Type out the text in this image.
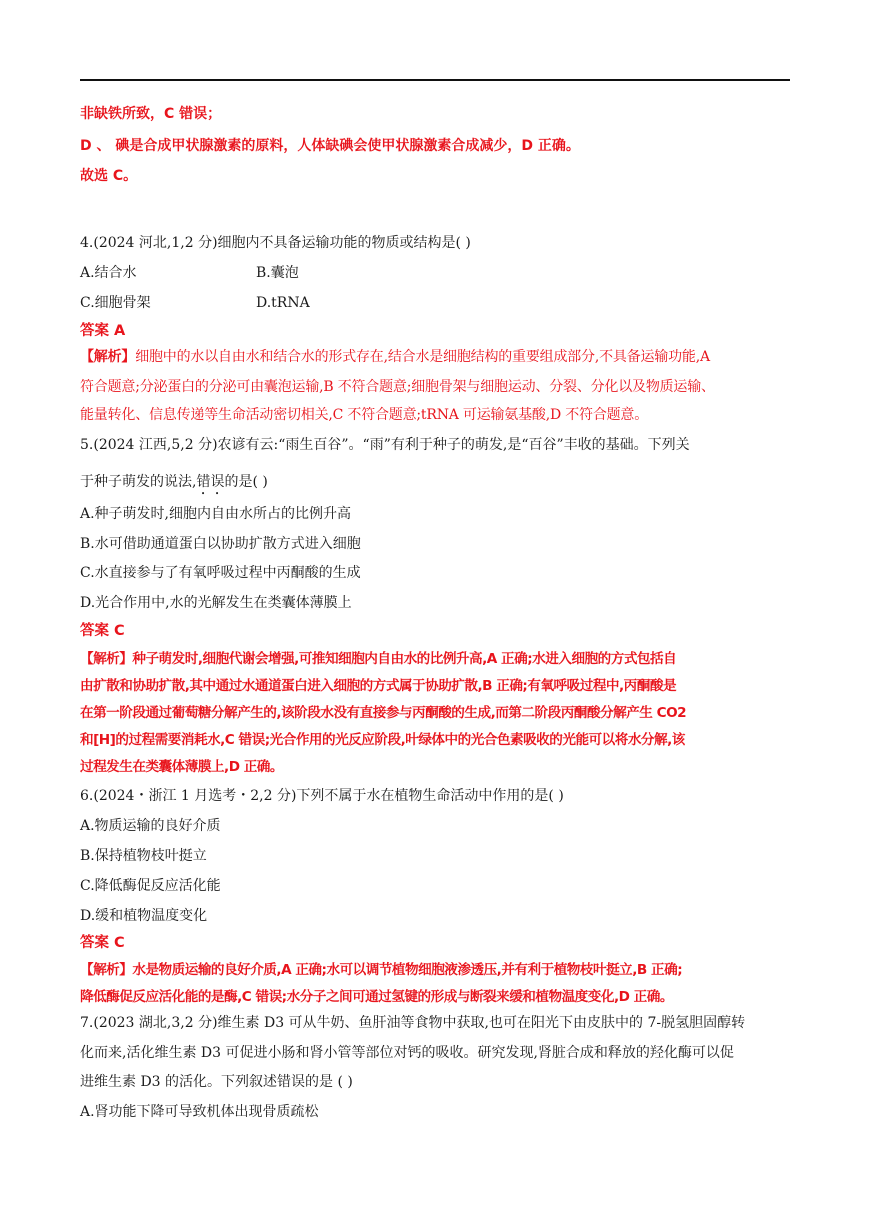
非缺铁所致，C 错误；
D 、 碘是合成甲状腺激素的原料，人体缺碘会使甲状腺激素合成减少，D 正确。
故选 C。
4.(2024 河北,1,2 分)细胞内不具备运输功能的物质或结构是( )
A.结合水	B.囊泡
C.细胞骨架	D.tRNA
答案 A
【解析】细胞中的水以自由水和结合水的形式存在,结合水是细胞结构的重要组成部分,不具备运输功能,A
符合题意;分泌蛋白的分泌可由囊泡运输,B 不符合题意;细胞骨架与细胞运动、分裂、分化以及物质运输、
能量转化、信息传递等生命活动密切相关,C 不符合题意;tRNA 可运输氨基酸,D 不符合题意。
5.(2024 江西,5,2 分)农谚有云:“雨生百谷”。“雨”有利于种子的萌发,是“百谷”丰收的基础。下列关
于种子萌发的说法,错误的是( )
A.种子萌发时,细胞内自由水所占的比例升高
B.水可借助通道蛋白以协助扩散方式进入细胞
C.水直接参与了有氧呼吸过程中丙酮酸的生成
D.光合作用中,水的光解发生在类囊体薄膜上
答案 C
【解析】种子萌发时,细胞代谢会增强,可推知细胞内自由水的比例升高,A 正确;水进入细胞的方式包括自
由扩散和协助扩散,其中通过水通道蛋白进入细胞的方式属于协助扩散,B 正确;有氧呼吸过程中,丙酮酸是
在第一阶段通过葡萄糖分解产生的,该阶段水没有直接参与丙酮酸的生成,而第二阶段丙酮酸分解产生 CO2
和[H]的过程需要消耗水,C 错误;光合作用的光反应阶段,叶绿体中的光合色素吸收的光能可以将水分解,该
过程发生在类囊体薄膜上,D 正确。
6.(2024・浙江 1 月选考・2,2 分)下列不属于水在植物生命活动中作用的是( )
A.物质运输的良好介质
B.保持植物枝叶挺立
C.降低酶促反应活化能
D.缓和植物温度变化
答案 C
【解析】水是物质运输的良好介质,A 正确;水可以调节植物细胞液渗透压,并有利于植物枝叶挺立,B 正确;
降低酶促反应活化能的是酶,C 错误;水分子之间可通过氢键的形成与断裂来缓和植物温度变化,D 正确。
7.(2023 湖北,3,2 分)维生素 D3 可从牛奶、鱼肝油等食物中获取,也可在阳光下由皮肤中的 7-脱氢胆固醇转
化而来,活化维生素 D3 可促进小肠和肾小管等部位对钙的吸收。研究发现,肾脏合成和释放的羟化酶可以促
进维生素 D3 的活化。下列叙述错误的是 ( )
A.肾功能下降可导致机体出现骨质疏松
